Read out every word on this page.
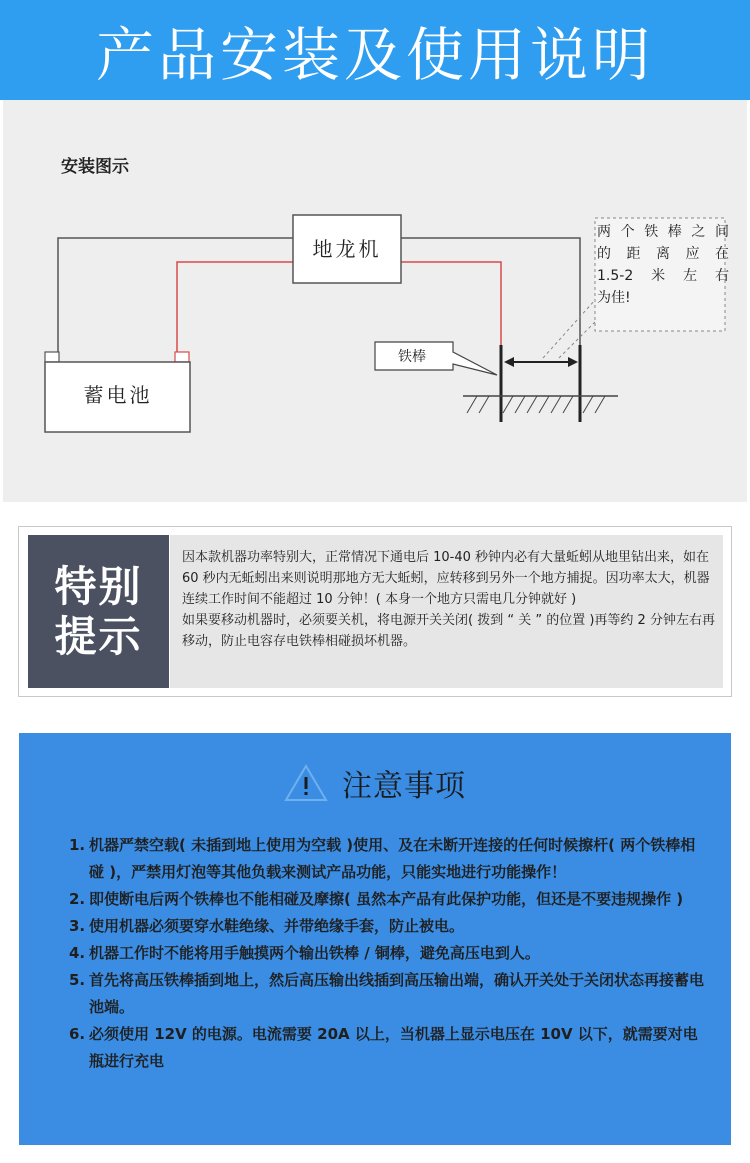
产品安装及使用说明
地龙机
蓄电池
铁棒
安装图示
两个铁棒之间
的 距 离 应 在
1.5-2米左右
为佳!
特别
提示
因本款机器功率特别大，正常情况下通电后 10-40 秒钟内必有大量蚯蚓从地里钻出来，如在 60 秒内无蚯蚓出来则说明那地方无大蚯蚓，应转移到另外一个地方捕捉。因功率太大，机器连续工作时间不能超过 10 分钟！( 本身一个地方只需电几分钟就好 )
如果要移动机器时，必须要关机，将电源开关关闭( 拨到 “ 关 ” 的位置 )再等约 2 分钟左右再移动，防止电容存电铁棒相碰损坏机器。
注意事项
1. 机器严禁空载( 未插到地上使用为空载 )使用、及在未断开连接的任何时候擦杆( 两个铁棒相碰 )，严禁用灯泡等其他负载来测试产品功能，只能实地进行功能操作！
2. 即使断电后两个铁棒也不能相碰及摩擦( 虽然本产品有此保护功能，但还是不要违规操作 )
3. 使用机器必须要穿水鞋绝缘、并带绝缘手套，防止被电。
4. 机器工作时不能将用手触摸两个输出铁棒 / 铜棒，避免高压电到人。
5. 首先将高压铁棒插到地上，然后高压输出线插到高压输出端，确认开关处于关闭状态再接蓄电池端。
6. 必须使用 12V 的电源。电流需要 20A 以上，当机器上显示电压在 10V 以下，就需要对电瓶进行充电
